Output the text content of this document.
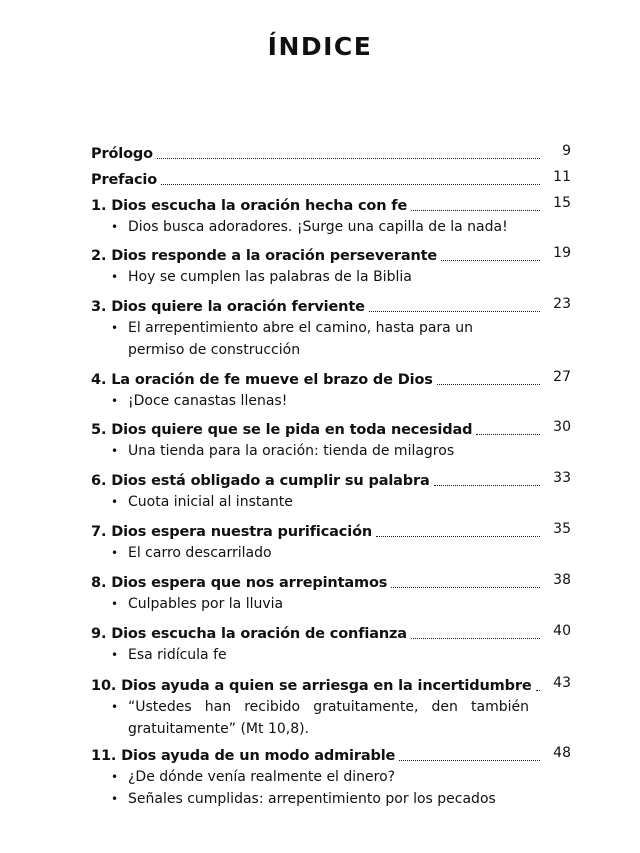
ÍNDICE
Prólogo	9
Prefacio	11
1. Dios escucha la oración hecha con fe	15
• Dios busca adoradores. ¡Surge una capilla de la nada!
2. Dios responde a la oración perseverante	19
• Hoy se cumplen las palabras de la Biblia
3. Dios quiere la oración ferviente	23
• El arrepentimiento abre el camino, hasta para un permiso de construcción
4. La oración de fe mueve el brazo de Dios	27
• ¡Doce canastas llenas!
5. Dios quiere que se le pida en toda necesidad	30
• Una tienda para la oración: tienda de milagros
6. Dios está obligado a cumplir su palabra	33
• Cuota inicial al instante
7. Dios espera nuestra purificación	35
• El carro descarrilado
8. Dios espera que nos arrepintamos	38
• Culpables por la lluvia
9. Dios escucha la oración de confianza	40
• Esa ridícula fe
10. Dios ayuda a quien se arriesga en la incertidumbre	43
• “Ustedes han recibido gratuitamente, den también gratuitamente” (Mt 10,8).
11. Dios ayuda de un modo admirable	48
• ¿De dónde venía realmente el dinero?
• Señales cumplidas: arrepentimiento por los pecados
